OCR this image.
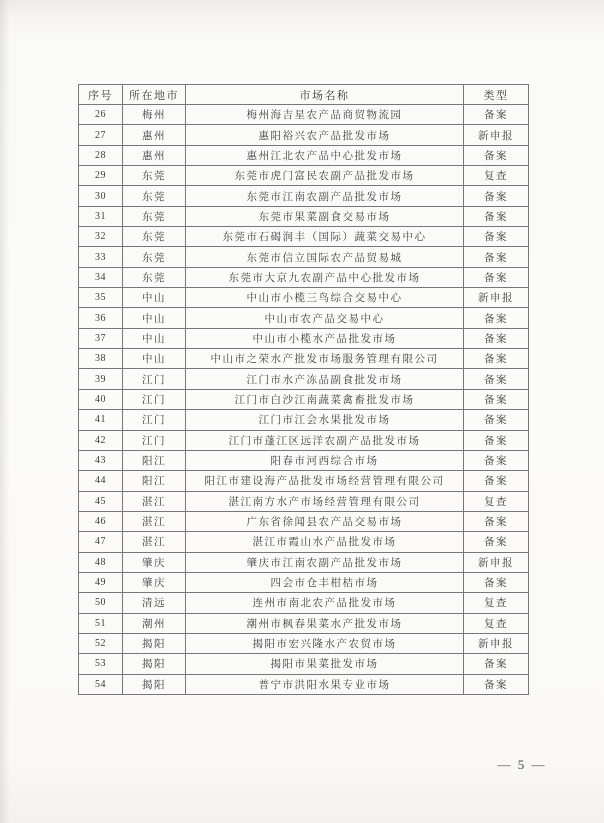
序号	所在地市	市场名称	类型
26	梅州	梅州海吉星农产品商贸物流园	备案
27	惠州	惠阳裕兴农产品批发市场	新申报
28	惠州	惠州江北农产品中心批发市场	备案
29	东莞	东莞市虎门富民农副产品批发市场	复查
30	东莞	东莞市江南农副产品批发市场	备案
31	东莞	东莞市果菜副食交易市场	备案
32	东莞	东莞市石碣润丰（国际）蔬菜交易中心	备案
33	东莞	东莞市信立国际农产品贸易城	备案
34	东莞	东莞市大京九农副产品中心批发市场	备案
35	中山	中山市小榄三鸟综合交易中心	新申报
36	中山	中山市农产品交易中心	备案
37	中山	中山市小榄水产品批发市场	备案
38	中山	中山市之荣水产批发市场服务管理有限公司	备案
39	江门	江门市水产冻品副食批发市场	备案
40	江门	江门市白沙江南蔬菜禽畜批发市场	备案
41	江门	江门市江会水果批发市场	备案
42	江门	江门市蓬江区远洋农副产品批发市场	备案
43	阳江	阳春市河西综合市场	备案
44	阳江	阳江市建设海产品批发市场经营管理有限公司	备案
45	湛江	湛江南方水产市场经营管理有限公司	复查
46	湛江	广东省徐闻县农产品交易市场	备案
47	湛江	湛江市霞山水产品批发市场	备案
48	肇庆	肇庆市江南农副产品批发市场	新申报
49	肇庆	四会市仓丰柑桔市场	备案
50	清远	连州市南北农产品批发市场	复查
51	潮州	潮州市枫春果菜水产批发市场	复查
52	揭阳	揭阳市宏兴隆水产农贸市场	新申报
53	揭阳	揭阳市果菜批发市场	备案
54	揭阳	普宁市洪阳水果专业市场	备案
— 5 —
